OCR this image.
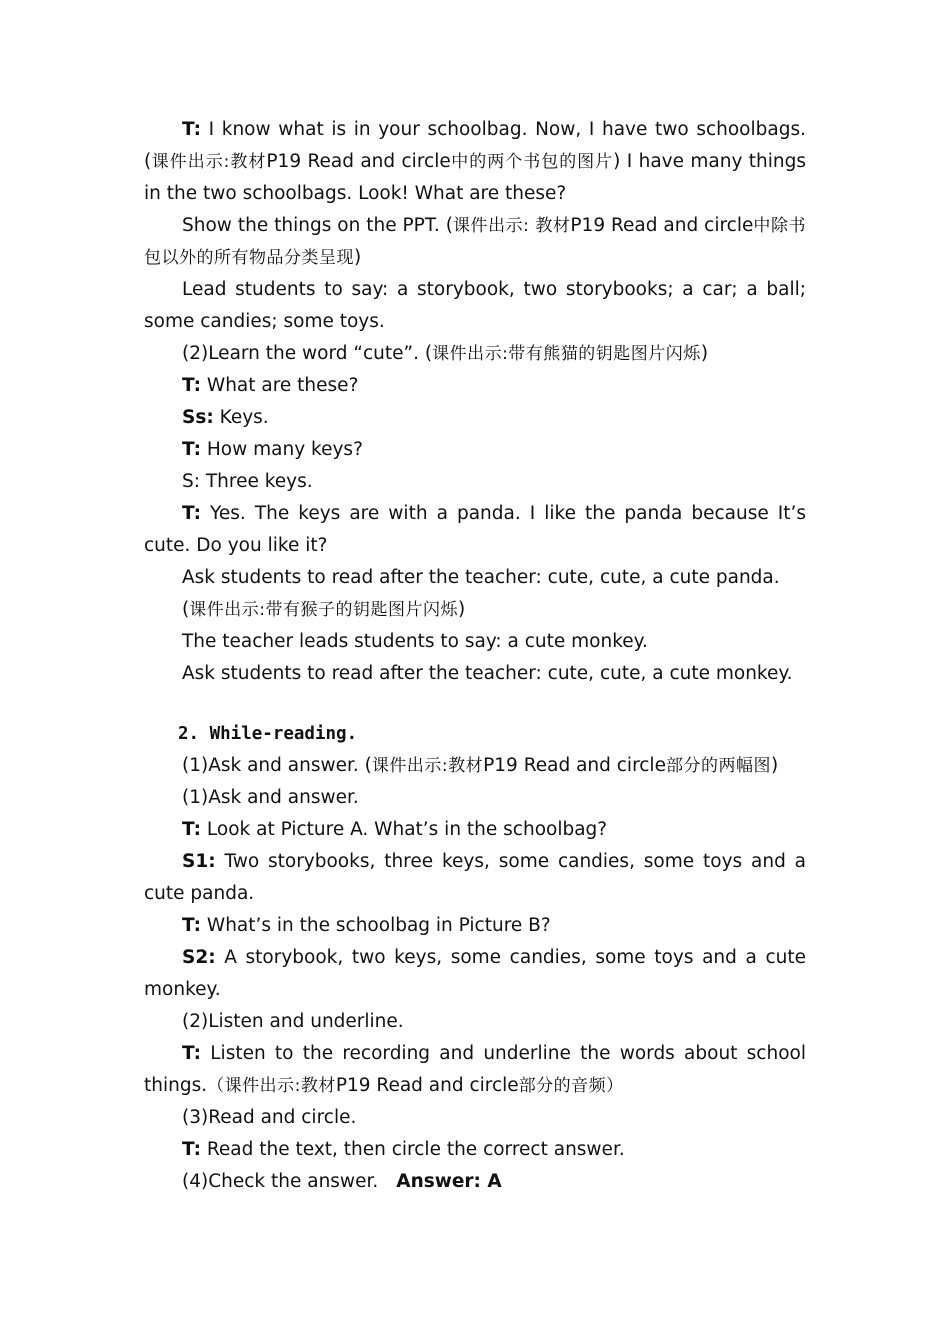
T: I know what is in your schoolbag. Now, I have two schoolbags. (课件出示:教材P19 Read and circle中的两个书包的图片) I have many things in the two schoolbags. Look! What are these?

Show the things on the PPT. (课件出示: 教材P19 Read and circle中除书包以外的所有物品分类呈现)

Lead students to say: a storybook, two storybooks; a car; a ball; some candies; some toys.

(2)Learn the word “cute”. (课件出示:带有熊猫的钥匙图片闪烁)

T: What are these?

Ss: Keys.

T: How many keys?

S: Three keys.

T: Yes. The keys are with a panda. I like the panda because It’s cute. Do you like it?

Ask students to read after the teacher: cute, cute, a cute panda.

(课件出示:带有猴子的钥匙图片闪烁)

The teacher leads students to say: a cute monkey.

Ask students to read after the teacher: cute, cute, a cute monkey.

2. While-reading.

(1)Ask and answer. (课件出示:教材P19 Read and circle部分的两幅图)

(1)Ask and answer.

T: Look at Picture A. What’s in the schoolbag?

S1: Two storybooks, three keys, some candies, some toys and a cute panda.

T: What’s in the schoolbag in Picture B?

S2: A storybook, two keys, some candies, some toys and a cute monkey.

(2)Listen and underline.

T: Listen to the recording and underline the words about school things.（课件出示:教材P19 Read and circle部分的音频）

(3)Read and circle.

T: Read the text, then circle the correct answer.

(4)Check the answer. Answer: A
